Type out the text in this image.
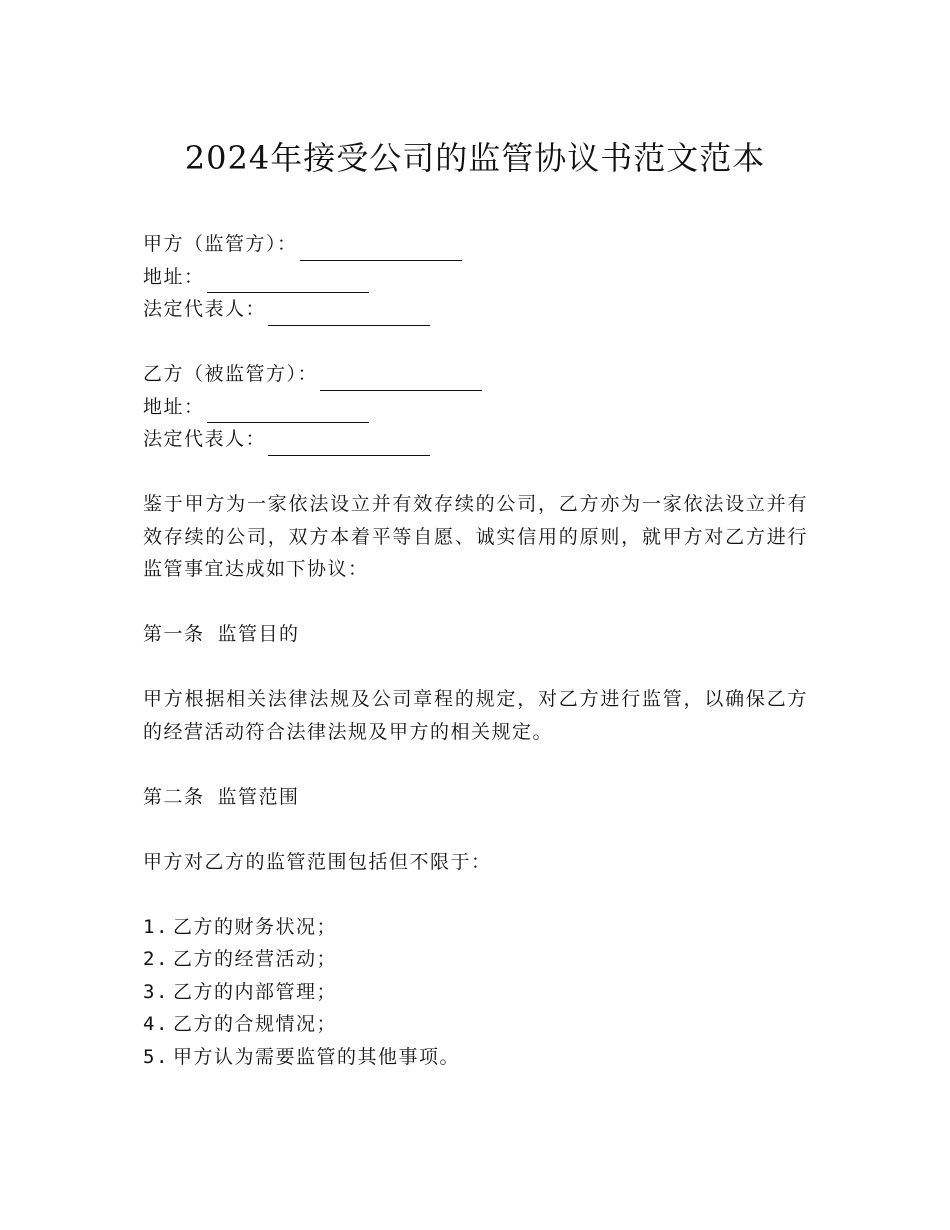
2024年接受公司的监管协议书范文范本
甲方（监管方）：
地址：
法定代表人：
乙方（被监管方）：
地址：
法定代表人：

鉴于甲方为一家依法设立并有效存续的公司，乙方亦为一家依法设立并有效存续的公司，双方本着平等自愿、诚实信用的原则，就甲方对乙方进行监管事宜达成如下协议：

第一条 监管目的

甲方根据相关法律法规及公司章程的规定，对乙方进行监管，以确保乙方的经营活动符合法律法规及甲方的相关规定。

第二条 监管范围
甲方对乙方的监管范围包括但不限于：
1. 乙方的财务状况；
2. 乙方的经营活动；
3. 乙方的内部管理；
4. 乙方的合规情况；
5. 甲方认为需要监管的其他事项。
